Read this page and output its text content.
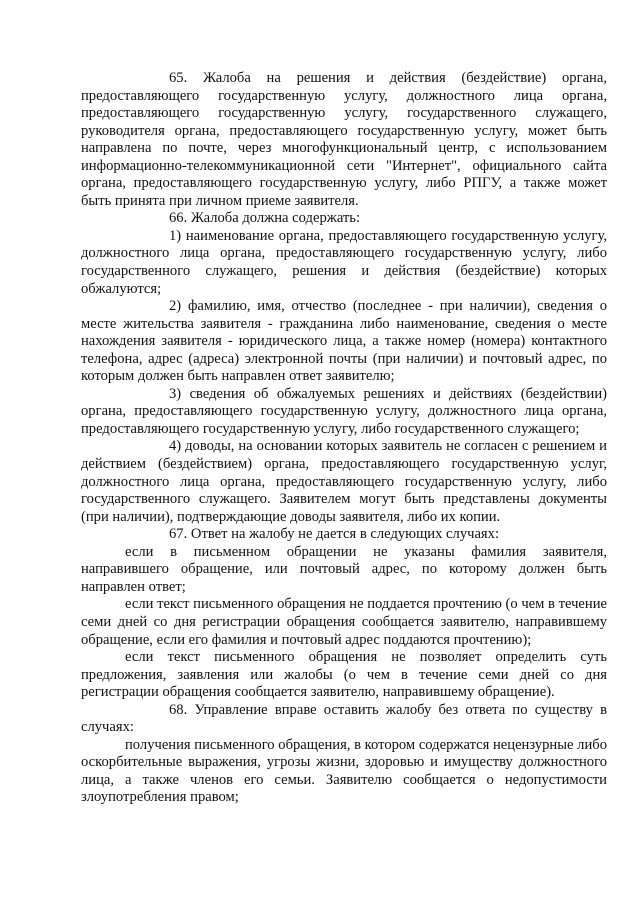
65. Жалоба на решения и действия (бездействие) органа, предоставляющего государственную услугу, должностного лица органа, предоставляющего государственную услугу, государственного служащего, руководителя органа, предоставляющего государственную услугу, может быть направлена по почте, через многофункциональный центр, с использованием информационно-телекоммуникационной сети "Интернет", официального сайта органа, предоставляющего государственную услугу, либо РПГУ, а также может быть принята при личном приеме заявителя.

66. Жалоба должна содержать:

1) наименование органа, предоставляющего государственную услугу, должностного лица органа, предоставляющего государственную услугу, либо государственного служащего, решения и действия (бездействие) которых обжалуются;

2) фамилию, имя, отчество (последнее - при наличии), сведения о месте жительства заявителя - гражданина либо наименование, сведения о месте нахождения заявителя - юридического лица, а также номер (номера) контактного телефона, адрес (адреса) электронной почты (при наличии) и почтовый адрес, по которым должен быть направлен ответ заявителю;

3) сведения об обжалуемых решениях и действиях (бездействии) органа, предоставляющего государственную услугу, должностного лица органа, предоставляющего государственную услугу, либо государственного служащего;

4) доводы, на основании которых заявитель не согласен с решением и действием (бездействием) органа, предоставляющего государственную услуг, должностного лица органа, предоставляющего государственную услугу, либо государственного служащего. Заявителем могут быть представлены документы (при наличии), подтверждающие доводы заявителя, либо их копии.

67. Ответ на жалобу не дается в следующих случаях:

если в письменном обращении не указаны фамилия заявителя, направившего обращение, или почтовый адрес, по которому должен быть направлен ответ;

если текст письменного обращения не поддается прочтению (о чем в течение семи дней со дня регистрации обращения сообщается заявителю, направившему обращение, если его фамилия и почтовый адрес поддаются прочтению);

если текст письменного обращения не позволяет определить суть предложения, заявления или жалобы (о чем в течение семи дней со дня регистрации обращения сообщается заявителю, направившему обращение).

68. Управление вправе оставить жалобу без ответа по существу в случаях:

получения письменного обращения, в котором содержатся нецензурные либо оскорбительные выражения, угрозы жизни, здоровью и имуществу должностного лица, а также членов его семьи. Заявителю сообщается о недопустимости злоупотребления правом;
